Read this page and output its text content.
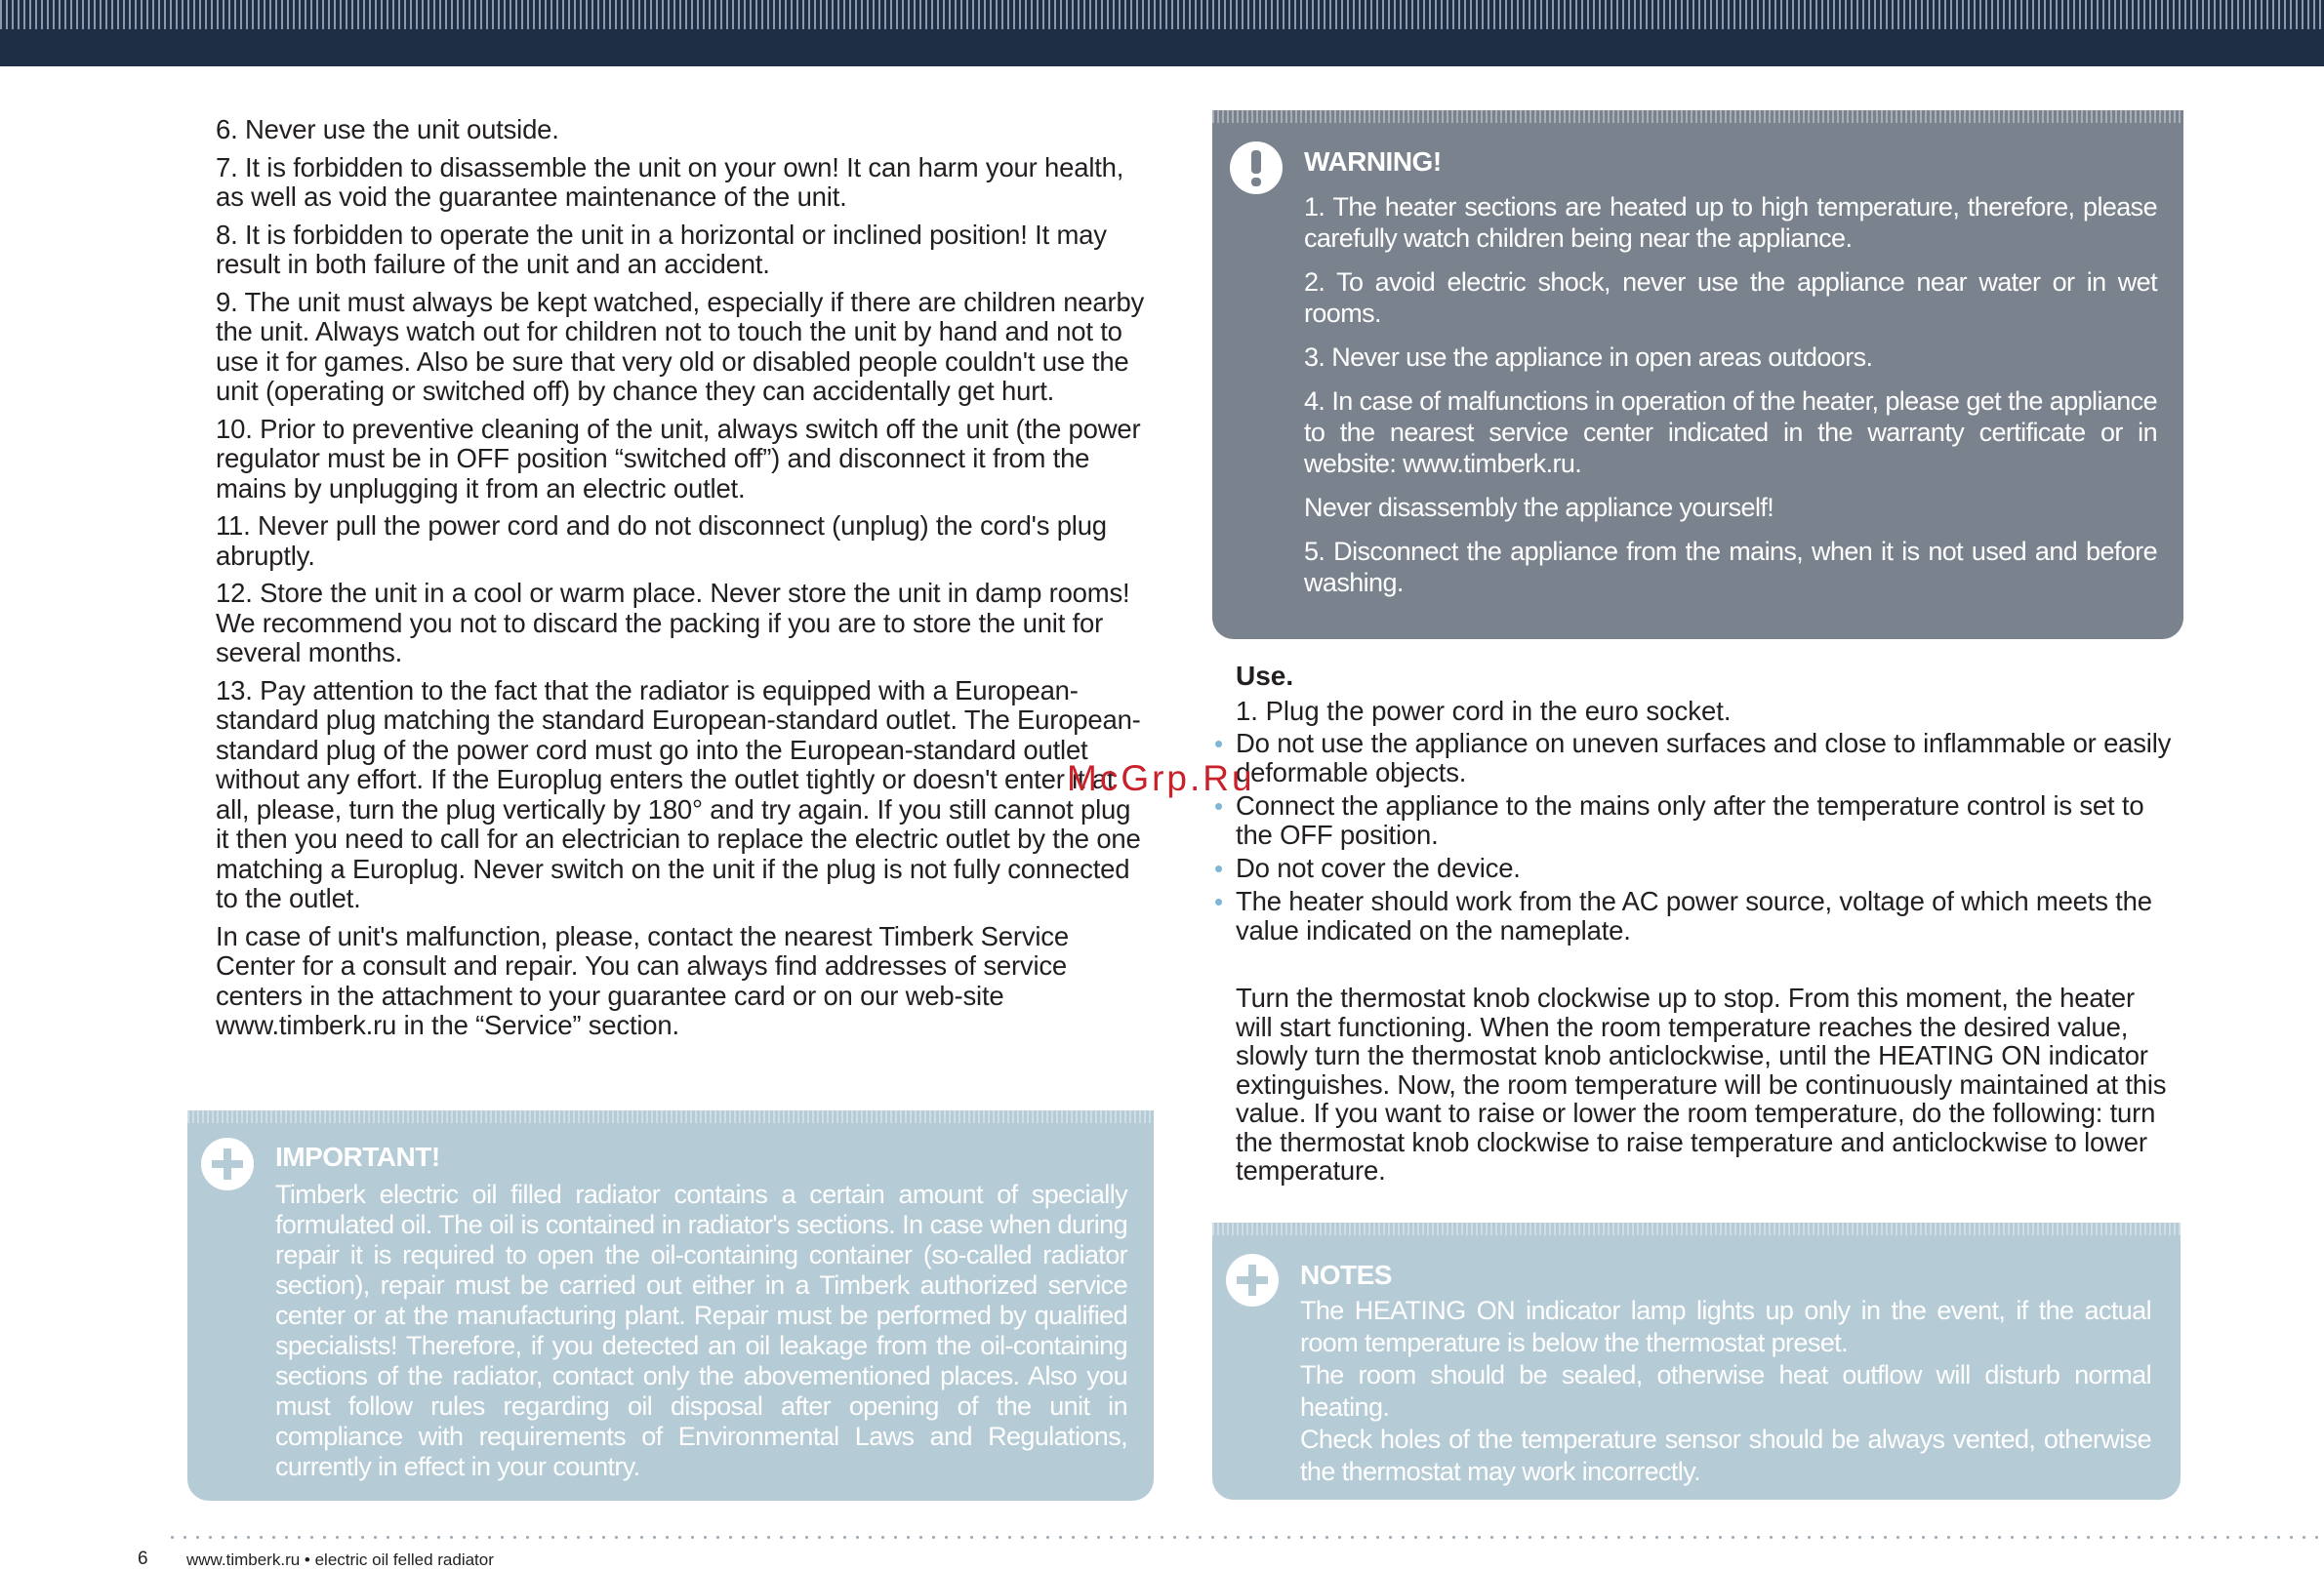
6. Never use the unit outside.

7. It is forbidden to disassemble the unit on your own! It can harm your health, as well as void the guarantee maintenance of the unit.

8. It is forbidden to operate the unit in a horizontal or inclined position! It may result in both failure of the unit and an accident.

9. The unit must always be kept watched, especially if there are children nearby the unit. Always watch out for children not to touch the unit by hand and not to use it for games. Also be sure that very old or disabled people couldn't use the unit (operating or switched off) by chance they can accidentally get hurt.

10. Prior to preventive cleaning of the unit, always switch off the unit (the power regulator must be in OFF position “switched off”) and disconnect it from the mains by unplugging it from an electric outlet.

11. Never pull the power cord and do not disconnect (unplug) the cord's plug abruptly.

12. Store the unit in a cool or warm place. Never store the unit in damp rooms! We recommend you not to discard the packing if you are to store the unit for several months.

13. Pay attention to the fact that the radiator is equipped with a European-standard plug matching the standard European-standard outlet. The European-standard plug of the power cord must go into the European-standard outlet without any effort. If the Europlug enters the outlet tightly or doesn't enter it at all, please, turn the plug vertically by 180° and try again. If you still cannot plug it then you need to call for an electrician to replace the electric outlet by the one matching a Europlug. Never switch on the unit if the plug is not fully connected to the outlet.

In case of unit's malfunction, please, contact the nearest Timberk Service Center for a consult and repair. You can always find addresses of service centers in the attachment to your guarantee card or on our web-site www.timberk.ru in the “Service” section.

IMPORTANT!

Timberk electric oil filled radiator contains a certain amount of specially formulated oil. The oil is contained in radiator's sections. In case when during repair it is required to open the oil-containing container (so-called radiator section), repair must be carried out either in a Timberk authorized service center or at the manufacturing plant. Repair must be performed by qualified specialists! Therefore, if you detected an oil leakage from the oil-containing sections of the radiator, contact only the abovementioned places. Also you must follow rules regarding oil disposal after opening of the unit in compliance with requirements of Environmental Laws and Regulations, currently in effect in your country.

WARNING!

1. The heater sections are heated up to high temperature, therefore, please carefully watch children being near the appliance.

2. To avoid electric shock, never use the appliance near water or in wet rooms.

3. Never use the appliance in open areas outdoors.

4. In case of malfunctions in operation of the heater, please get the appliance to the nearest service center indicated in the warranty certificate or in website: www.timberk.ru.

Never disassembly the appliance yourself!

5. Disconnect the appliance from the mains, when it is not used and before washing.

Use.
1. Plug the power cord in the euro socket.
• Do not use the appliance on uneven surfaces and close to inflammable or easily deformable objects.
• Connect the appliance to the mains only after the temperature control is set to the OFF position.
• Do not cover the device.
• The heater should work from the AC power source, voltage of which meets the value indicated on the nameplate.

Turn the thermostat knob clockwise up to stop. From this moment, the heater will start functioning. When the room temperature reaches the desired value, slowly turn the thermostat knob anticlockwise, until the HEATING ON indicator extinguishes. Now, the room temperature will be continuously maintained at this value. If you want to raise or lower the room temperature, do the following: turn the thermostat knob clockwise to raise temperature and anticlockwise to lower temperature.

NOTES

The HEATING ON indicator lamp lights up only in the event, if the actual room temperature is below the thermostat preset.

The room should be sealed, otherwise heat outflow will disturb normal heating.

Check holes of the temperature sensor should be always vented, otherwise the thermostat may work incorrectly.

McGrp.Ru
6 www.timberk.ru • electric oil felled radiator
